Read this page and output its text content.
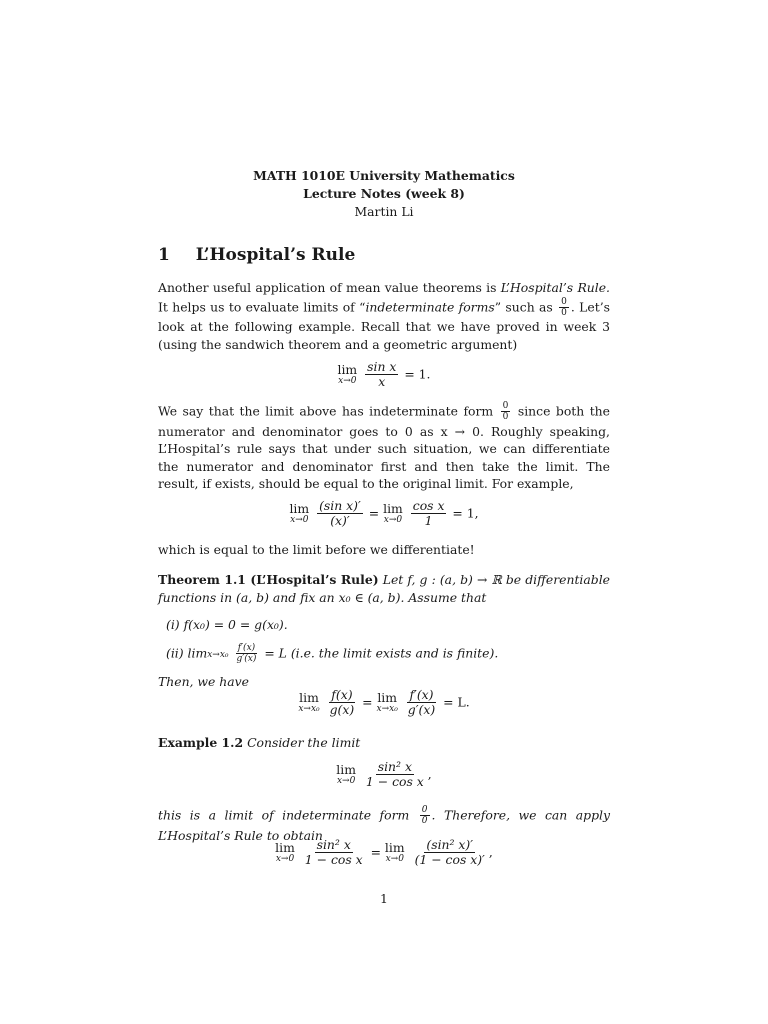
MATH 1010E University Mathematics
Lecture Notes (week 8)
Martin Li
1 L’Hospital’s Rule
Another useful application of mean value theorems is L’Hospital’s Rule. It helps us to evaluate limits of “indeterminate forms” such as $\frac{0}{0}$ . Let’s look at the following example. Recall that we have proved in week 3 (using the sandwich theorem and a geometric argument)
lim
x→0
$\frac{\text{sin x}}{x} = 1$.
We say that the limit above has indeterminate form $\frac{0}{0}$ since both the numerator and denominator goes to 0 as x → 0. Roughly speaking, L’Hospital’s rule says that under such situation, we can differentiate the numerator and denominator first and then take the limit. The result, if exists, should be equal to the original limit. For example,
lim
x→0
$\frac{\text{(sin x)′}}{(x)'} = \lim$
x→0
$\frac{\text{cos x}}{1} = 1$,
which is equal to the limit before we differentiate!
Theorem 1.1 (L’Hospital’s Rule) Let f, g : (a, b) → ℝ be differentiable functions in (a, b) and fix an x₀ ∈ (a, b). Assume that
(i) f(x₀) = 0 = g(x₀).
(ii) $\lim x\to x_0 \frac{f'(x)}{g'(x)} = L$ (i.e. the limit exists and is finite).
Then, we have
lim
x→x₀
$\frac{f(x)}{g(x)} = \lim$
x→x₀
$\frac{f'(x)}{g'(x)} = L$.
Example 1.2 Consider the limit
lim
x→0
$\frac{\text{sin² x}}{\text{1 − cos x}}$ ,
this is a limit of indeterminate form $\frac{0}{0}$ . Therefore, we can apply L’Hospital’s Rule to obtain
lim
x→0
$\frac{\text{sin² x}}{\text{1 − cos x}} = \lim$
x→0
$\frac{\text{(sin² x)′}}{\text{(1 − cos x)′}}$ ,
1
